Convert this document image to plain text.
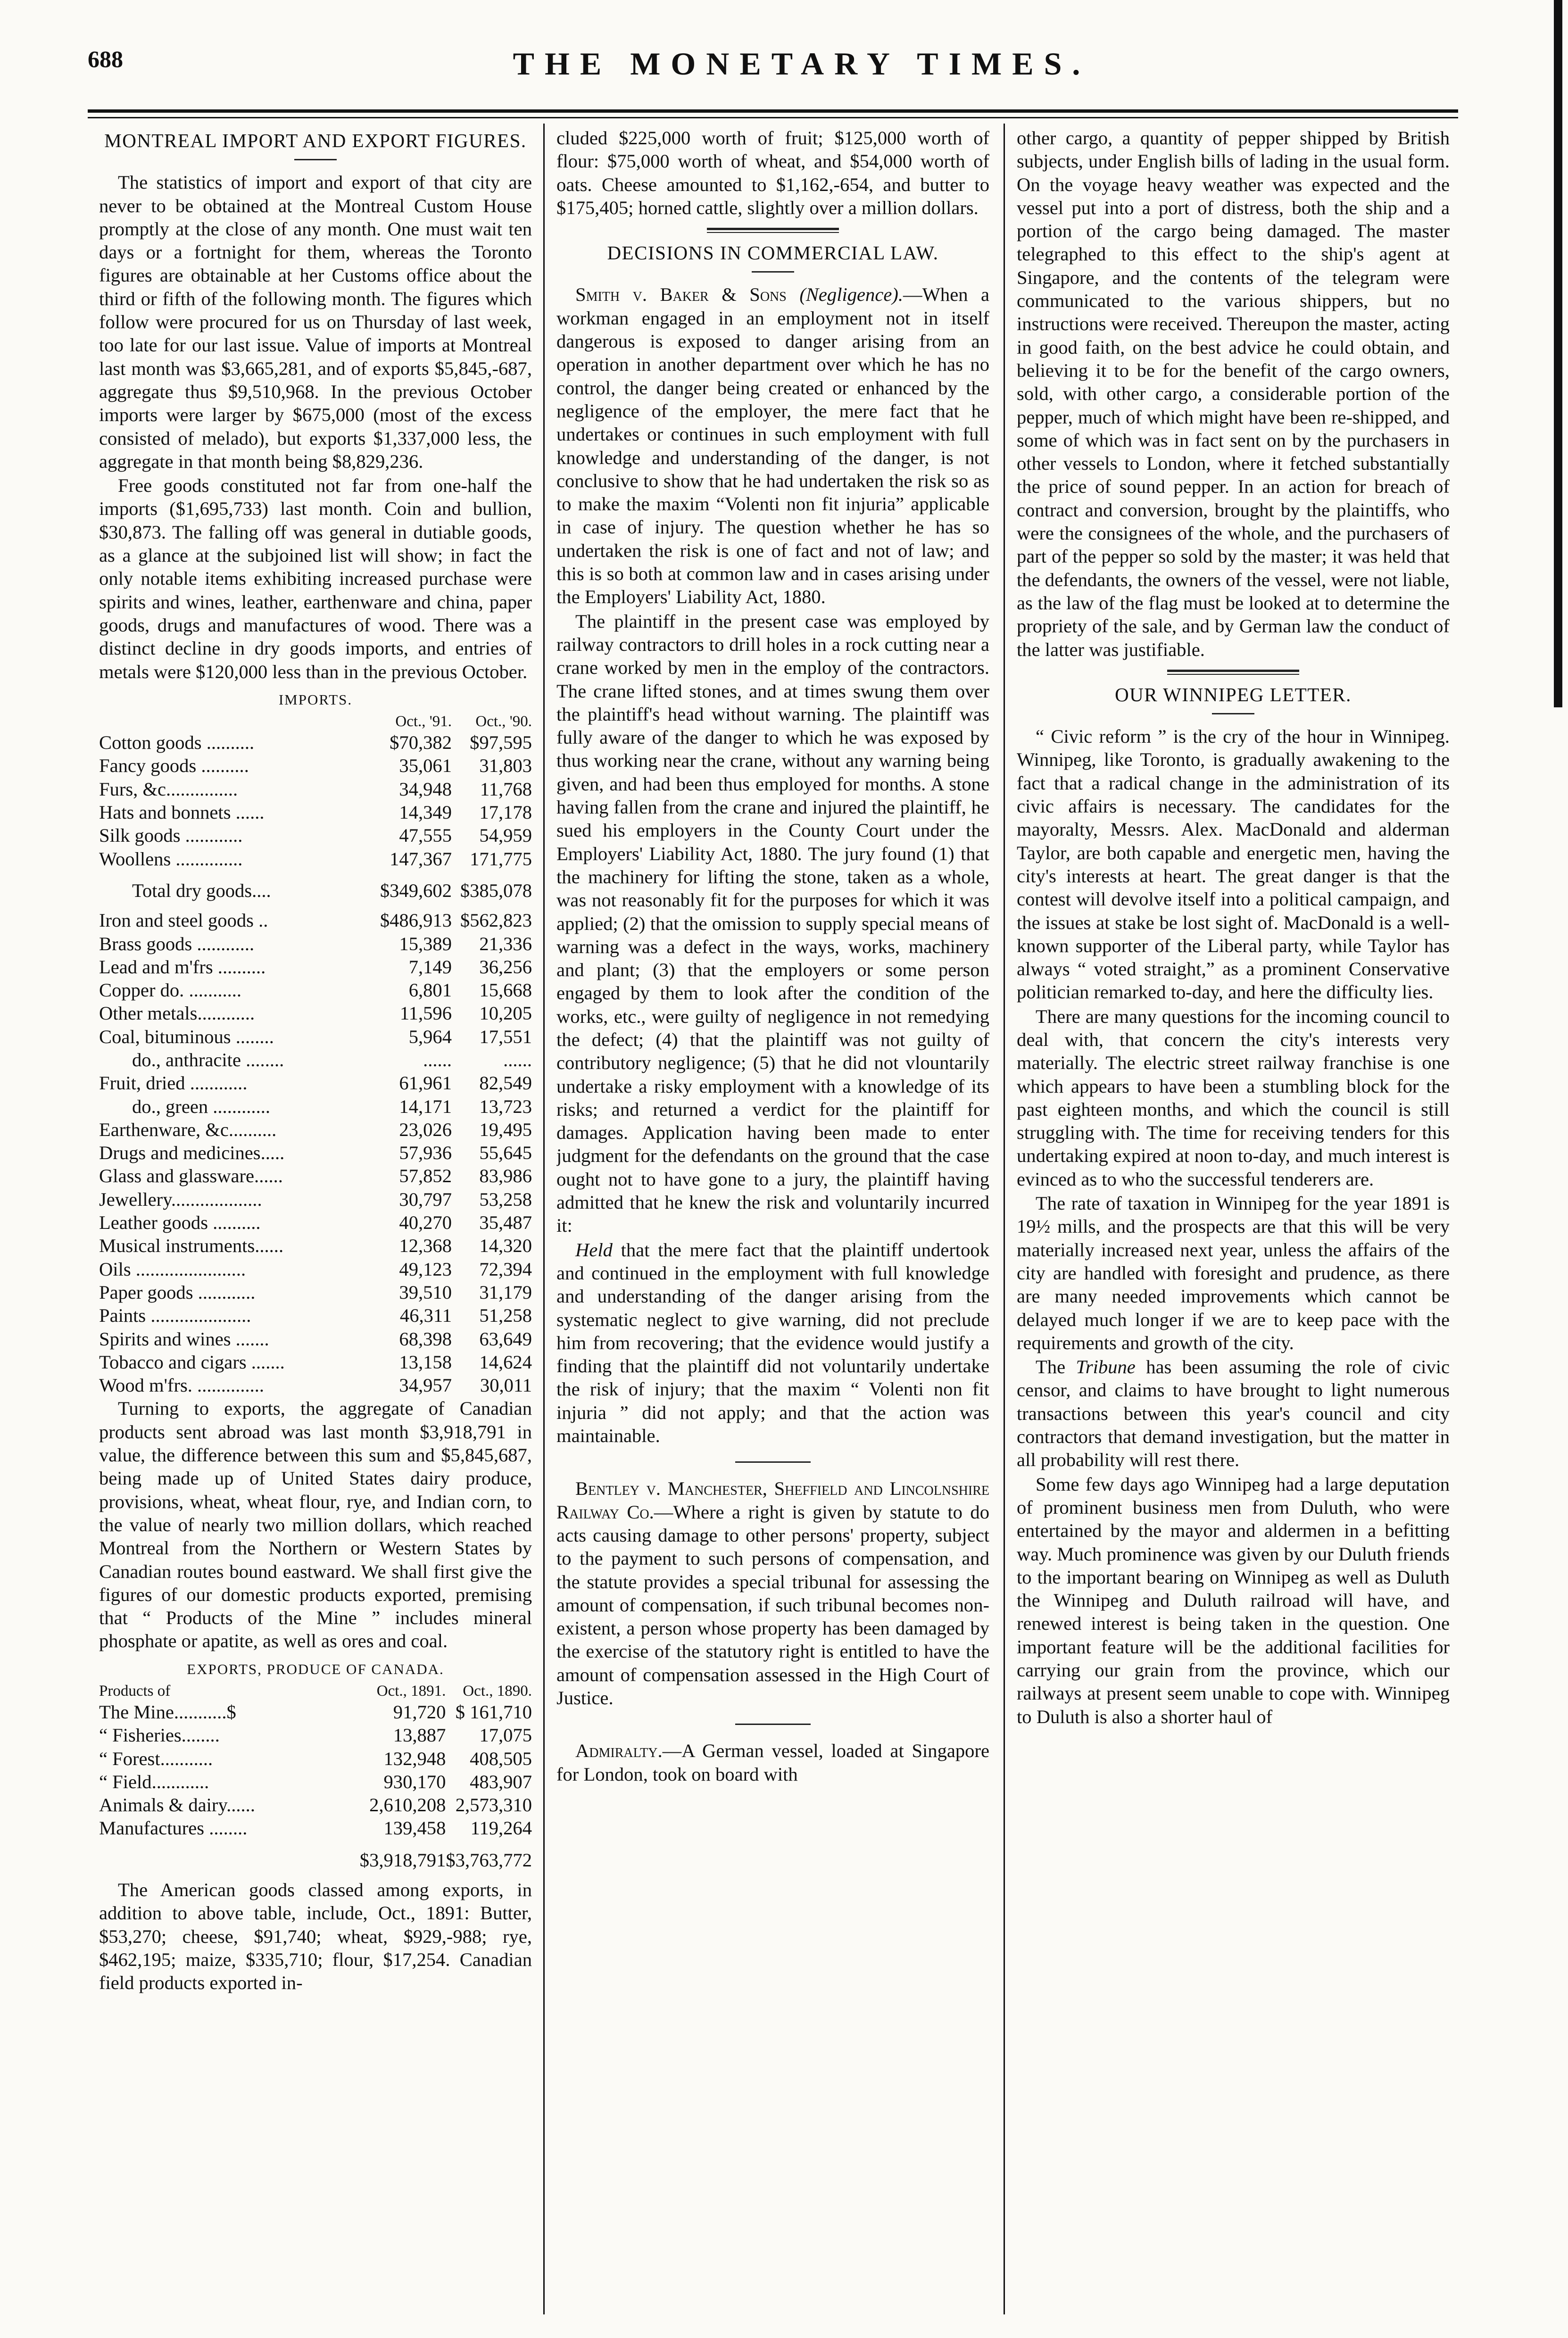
688	THE MONETARY TIMES.

MONTREAL IMPORT AND EXPORT FIGURES.

The statistics of import and export of that city are never to be obtained at the Montreal Custom House promptly at the close of any month. One must wait ten days or a fortnight for them, whereas the Toronto figures are obtainable at her Customs office about the third or fifth of the following month. The figures which follow were procured for us on Thursday of last week, too late for our last issue. Value of imports at Montreal last month was $3,665,281, and of exports $5,845,-687, aggregate thus $9,510,968. In the previous October imports were larger by $675,000 (most of the excess consisted of melado), but exports $1,337,000 less, the aggregate in that month being $8,829,236.

Free goods constituted not far from one-half the imports ($1,695,733) last month. Coin and bullion, $30,873. The falling off was general in dutiable goods, as a glance at the subjoined list will show; in fact the only notable items exhibiting increased purchase were spirits and wines, leather, earthenware and china, paper goods, drugs and manufactures of wood. There was a distinct decline in dry goods imports, and entries of metals were $120,000 less than in the previous October.

IMPORTS.
	Oct., '91.	Oct., '90.
Cotton goods ..........	$70,382	$97,595
Fancy goods ..........	35,061	31,803
Furs, &c...............	34,948	11,768
Hats and bonnets ......	14,349	17,178
Silk goods ............	47,555	54,959
Woollens ..............	147,367	171,775
Total dry goods....	$349,602	$385,078
Iron and steel goods ..	$486,913	$562,823
Brass goods ............	15,389	21,336
Lead and m'frs ..........	7,149	36,256
Copper do. ...........	6,801	15,668
Other metals............	11,596	10,205
Coal, bituminous ........	5,964	17,551
do., anthracite ........	......	......
Fruit, dried ............	61,961	82,549
do., green ............	14,171	13,723
Earthenware, &c..........	23,026	19,495
Drugs and medicines.....	57,936	55,645
Glass and glassware......	57,852	83,986
Jewellery...................	30,797	53,258
Leather goods ..........	40,270	35,487
Musical instruments......	12,368	14,320
Oils .......................	49,123	72,394
Paper goods ............	39,510	31,179
Paints .....................	46,311	51,258
Spirits and wines .......	68,398	63,649
Tobacco and cigars .......	13,158	14,624
Wood m'frs. ..............	34,957	30,011

Turning to exports, the aggregate of Canadian products sent abroad was last month $3,918,791 in value, the difference between this sum and $5,845,687, being made up of United States dairy produce, provisions, wheat, wheat flour, rye, and Indian corn, to the value of nearly two million dollars, which reached Montreal from the Northern or Western States by Canadian routes bound eastward. We shall first give the figures of our domestic products exported, premising that “ Products of the Mine ” includes mineral phosphate or apatite, as well as ores and coal.

EXPORTS, PRODUCE OF CANADA.
Products of	Oct., 1891.	Oct., 1890.
The Mine...........$	91,720	$ 161,710
“ Fisheries........	13,887	17,075
“ Forest...........	132,948	408,505
“ Field............	930,170	483,907
Animals & dairy......	2,610,208	2,573,310
Manufactures ........	139,458	119,264
	$3,918,791	$3,763,772

The American goods classed among exports, in addition to above table, include, Oct., 1891: Butter, $53,270; cheese, $91,740; wheat, $929,-988; rye, $462,195; maize, $335,710; flour, $17,254. Canadian field products exported in-

cluded $225,000 worth of fruit; $125,000 worth of flour: $75,000 worth of wheat, and $54,000 worth of oats. Cheese amounted to $1,162,-654, and butter to $175,405; horned cattle, slightly over a million dollars.

DECISIONS IN COMMERCIAL LAW.

Smith v. Baker & Sons (Negligence).—When a workman engaged in an employment not in itself dangerous is exposed to danger arising from an operation in another department over which he has no control, the danger being created or enhanced by the negligence of the employer, the mere fact that he undertakes or continues in such employment with full knowledge and understanding of the danger, is not conclusive to show that he had undertaken the risk so as to make the maxim “Volenti non fit injuria” applicable in case of injury. The question whether he has so undertaken the risk is one of fact and not of law; and this is so both at common law and in cases arising under the Employers' Liability Act, 1880.

The plaintiff in the present case was employed by railway contractors to drill holes in a rock cutting near a crane worked by men in the employ of the contractors. The crane lifted stones, and at times swung them over the plaintiff's head without warning. The plaintiff was fully aware of the danger to which he was exposed by thus working near the crane, without any warning being given, and had been thus employed for months. A stone having fallen from the crane and injured the plaintiff, he sued his employers in the County Court under the Employers' Liability Act, 1880. The jury found (1) that the machinery for lifting the stone, taken as a whole, was not reasonably fit for the purposes for which it was applied; (2) that the omission to supply special means of warning was a defect in the ways, works, machinery and plant; (3) that the employers or some person engaged by them to look after the condition of the works, etc., were guilty of negligence in not remedying the defect; (4) that the plaintiff was not guilty of contributory negligence; (5) that he did not vlountarily undertake a risky employment with a knowledge of its risks; and returned a verdict for the plaintiff for damages. Application having been made to enter judgment for the defendants on the ground that the case ought not to have gone to a jury, the plaintiff having admitted that he knew the risk and voluntarily incurred it:

Held that the mere fact that the plaintiff undertook and continued in the employment with full knowledge and understanding of the danger arising from the systematic neglect to give warning, did not preclude him from recovering; that the evidence would justify a finding that the plaintiff did not voluntarily undertake the risk of injury; that the maxim “ Volenti non fit injuria ” did not apply; and that the action was maintainable.

Bentley v. Manchester, Sheffield and Lincolnshire Railway Co.—Where a right is given by statute to do acts causing damage to other persons' property, subject to the payment to such persons of compensation, and the statute provides a special tribunal for assessing the amount of compensation, if such tribunal becomes non-existent, a person whose property has been damaged by the exercise of the statutory right is entitled to have the amount of compensation assessed in the High Court of Justice.

Admiralty.—A German vessel, loaded at Singapore for London, took on board with

other cargo, a quantity of pepper shipped by British subjects, under English bills of lading in the usual form. On the voyage heavy weather was expected and the vessel put into a port of distress, both the ship and a portion of the cargo being damaged. The master telegraphed to this effect to the ship's agent at Singapore, and the contents of the telegram were communicated to the various shippers, but no instructions were received. Thereupon the master, acting in good faith, on the best advice he could obtain, and believing it to be for the benefit of the cargo owners, sold, with other cargo, a considerable portion of the pepper, much of which might have been re-shipped, and some of which was in fact sent on by the purchasers in other vessels to London, where it fetched substantially the price of sound pepper. In an action for breach of contract and conversion, brought by the plaintiffs, who were the consignees of the whole, and the purchasers of part of the pepper so sold by the master; it was held that the defendants, the owners of the vessel, were not liable, as the law of the flag must be looked at to determine the propriety of the sale, and by German law the conduct of the latter was justifiable.

OUR WINNIPEG LETTER.

“ Civic reform ” is the cry of the hour in Winnipeg. Winnipeg, like Toronto, is gradually awakening to the fact that a radical change in the administration of its civic affairs is necessary. The candidates for the mayoralty, Messrs. Alex. MacDonald and alderman Taylor, are both capable and energetic men, having the city's interests at heart. The great danger is that the contest will devolve itself into a political campaign, and the issues at stake be lost sight of. MacDonald is a well-known supporter of the Liberal party, while Taylor has always “ voted straight,” as a prominent Conservative politician remarked to-day, and here the difficulty lies.

There are many questions for the incoming council to deal with, that concern the city's interests very materially. The electric street railway franchise is one which appears to have been a stumbling block for the past eighteen months, and which the council is still struggling with. The time for receiving tenders for this undertaking expired at noon to-day, and much interest is evinced as to who the successful tenderers are.

The rate of taxation in Winnipeg for the year 1891 is 19½ mills, and the prospects are that this will be very materially increased next year, unless the affairs of the city are handled with foresight and prudence, as there are many needed improvements which cannot be delayed much longer if we are to keep pace with the requirements and growth of the city.

The Tribune has been assuming the role of civic censor, and claims to have brought to light numerous transactions between this year's council and city contractors that demand investigation, but the matter in all probability will rest there.

Some few days ago Winnipeg had a large deputation of prominent business men from Duluth, who were entertained by the mayor and aldermen in a befitting way. Much prominence was given by our Duluth friends to the important bearing on Winnipeg as well as Duluth the Winnipeg and Duluth railroad will have, and renewed interest is being taken in the question. One important feature will be the additional facilities for carrying our grain from the province, which our railways at present seem unable to cope with. Winnipeg to Duluth is also a shorter haul of
